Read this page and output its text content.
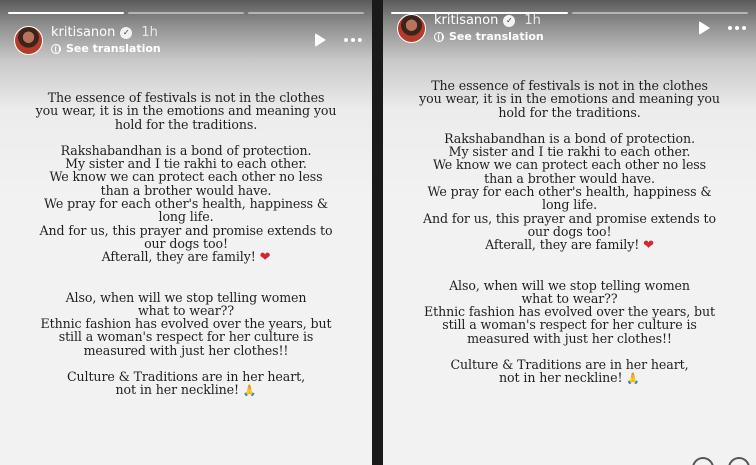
kritisanon ✓ 1h
See translation
The essence of festivals is not in the clothes
you wear, it is in the emotions and meaning you
hold for the traditions.
Rakshabandhan is a bond of protection.
My sister and I tie rakhi to each other.
We know we can protect each other no less
than a brother would have.
We pray for each other's health, happiness &
long life.
And for us, this prayer and promise extends to
our dogs too!
Afterall, they are family! ❤
Also, when will we stop telling women
what to wear??
Ethnic fashion has evolved over the years, but
still a woman's respect for her culture is
measured with just her clothes!!
Culture & Traditions are in her heart,
not in her neckline! 🙏
kritisanon ✓ 1h
See translation
The essence of festivals is not in the clothes
you wear, it is in the emotions and meaning you
hold for the traditions.
Rakshabandhan is a bond of protection.
My sister and I tie rakhi to each other.
We know we can protect each other no less
than a brother would have.
We pray for each other's health, happiness &
long life.
And for us, this prayer and promise extends to
our dogs too!
Afterall, they are family! ❤
Also, when will we stop telling women
what to wear??
Ethnic fashion has evolved over the years, but
still a woman's respect for her culture is
measured with just her clothes!!
Culture & Traditions are in her heart,
not in her neckline! 🙏
